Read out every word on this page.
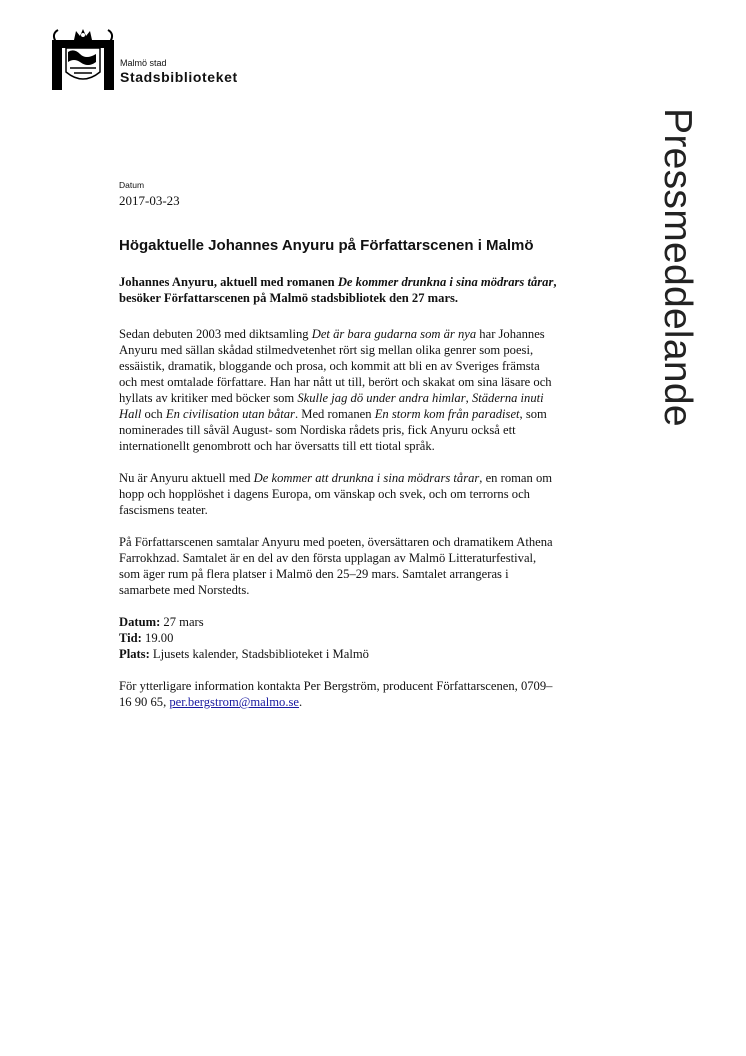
Malmö stad
Stadsbiblioteket
Pressmeddelande
Datum
2017-03-23
Högaktuelle Johannes Anyuru på Författarscenen i Malmö

Johannes Anyuru, aktuell med romanen De kommer drunkna i sina mödrars tårar, besöker Författarscenen på Malmö stadsbibliotek den 27 mars.

Sedan debuten 2003 med diktsamling Det är bara gudarna som är nya har Johannes Anyuru med sällan skådad stilmedvetenhet rört sig mellan olika genrer som poesi, essäistik, dramatik, bloggande och prosa, och kommit att bli en av Sveriges främsta och mest omtalade författare. Han har nått ut till, berört och skakat om sina läsare och hyllats av kritiker med böcker som Skulle jag dö under andra himlar, Städerna inuti Hall och En civilisation utan båtar. Med romanen En storm kom från paradiset, som nominerades till såväl August- som Nordiska rådets pris, fick Anyuru också ett internationellt genombrott och har översatts till ett tiotal språk.

Nu är Anyuru aktuell med De kommer att drunkna i sina mödrars tårar, en roman om hopp och hopplöshet i dagens Europa, om vänskap och svek, och om terrorns och fascismens teater.

På Författarscenen samtalar Anyuru med poeten, översättaren och dramatikem Athena Farrokhzad. Samtalet är en del av den första upplagan av Malmö Litteraturfestival, som äger rum på flera platser i Malmö den 25–29 mars. Samtalet arrangeras i samarbete med Norstedts.

Datum: 27 mars
Tid: 19.00
Plats: Ljusets kalender, Stadsbiblioteket i Malmö

För ytterligare information kontakta Per Bergström, producent Författarscenen, 0709–16 90 65, per.bergstrom@malmo.se.
